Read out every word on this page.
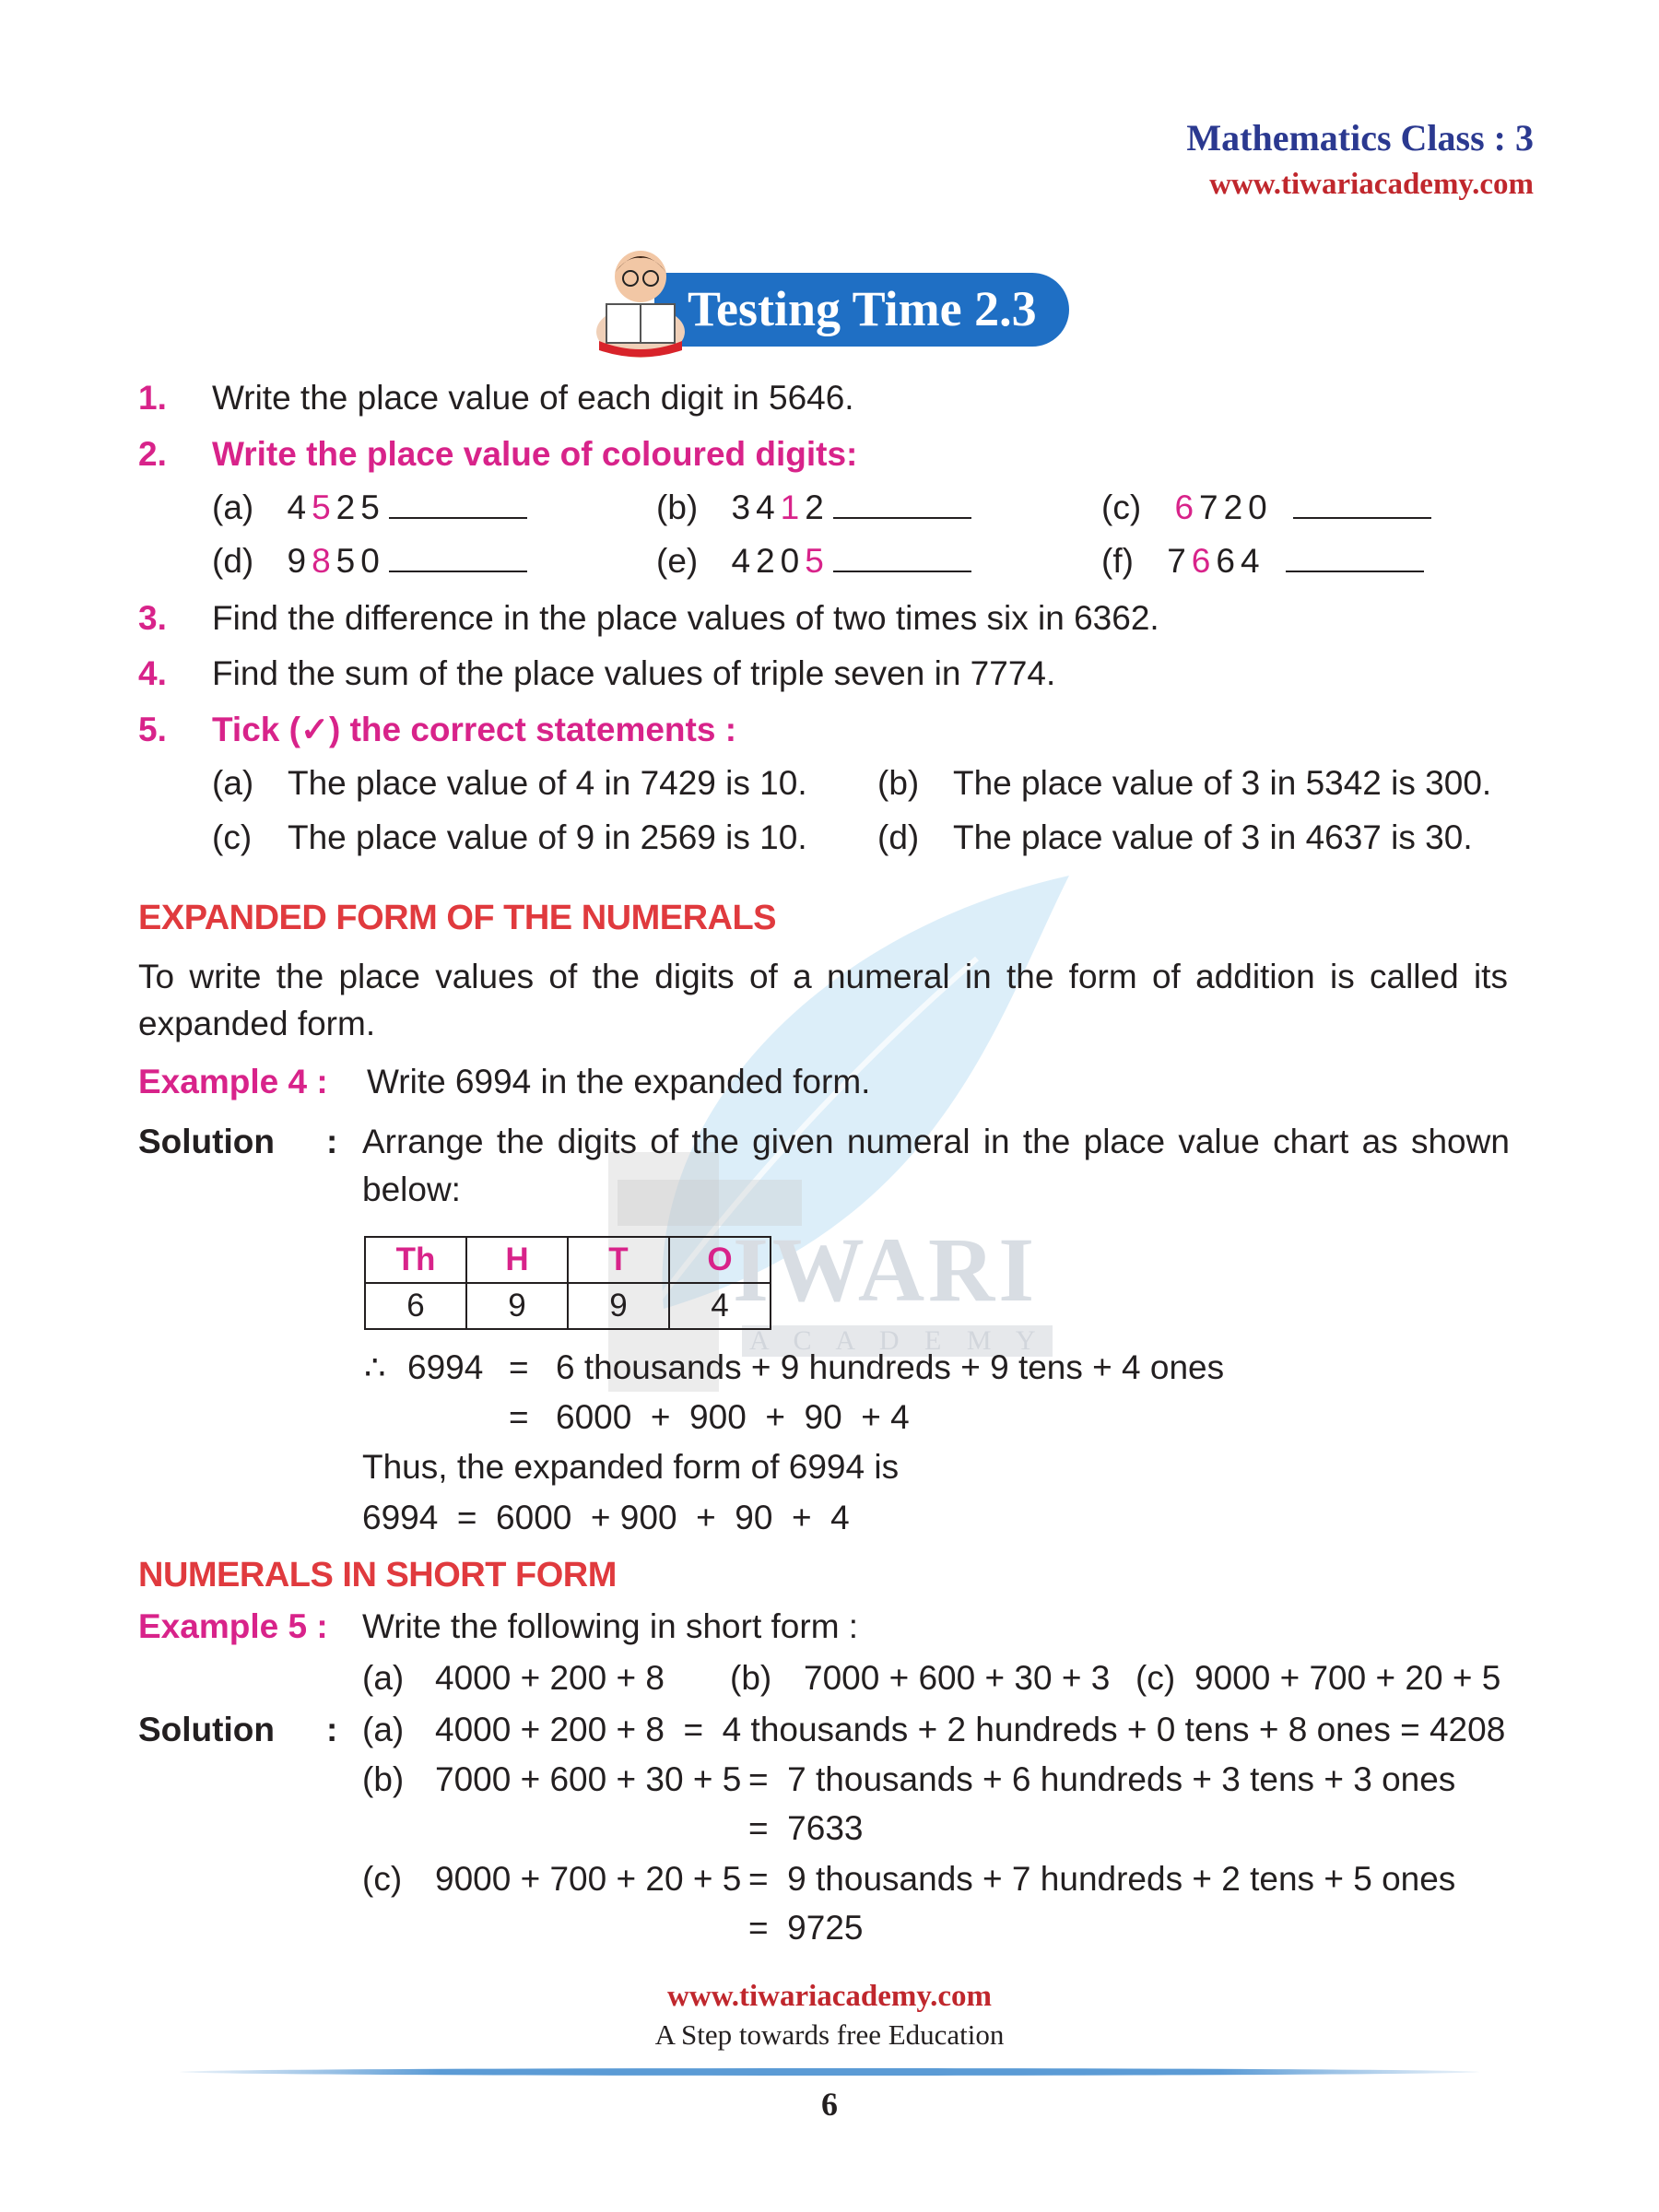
IWARI
A C A D E M Y
Mathematics Class : 3
www.tiwariacademy.com
Testing Time 2.3
1. Write the place value of each digit in 5646.
2. Write the place value of coloured digits:
(a) 4525	(b) 3412	(c) 6720
(d) 9850	(e) 4205	(f) 7664
3. Find the difference in the place values of two times six in 6362.
4. Find the sum of the place values of triple seven in 7774.
5. Tick (✓) the correct statements :
(a) The place value of 4 in 7429 is 10. (b) The place value of 3 in 5342 is 300.
(c) The place value of 9 in 2569 is 10. (d) The place value of 3 in 4637 is 30.
EXPANDED FORM OF THE NUMERALS
To write the place values of the digits of a numeral in the form of addition is called its
expanded form.
Example 4 : Write 6994 in the expanded form.
Solution : Arrange the digits of the given numeral in the place value chart as shown
below:
Th	H	T	O
6	9	9	4
∴ 6994 = 6 thousands + 9 hundreds + 9 tens + 4 ones
= 6000  +  900  +  90  + 4
Thus, the expanded form of 6994 is
6994  =  6000  + 900  +  90  +  4
NUMERALS IN SHORT FORM
Example 5 : Write the following in short form :
(a) 4000 + 200 + 8 (b) 7000 + 600 + 30 + 3 (c) 9000 + 700 + 20 + 5
Solution : (a) 4000 + 200 + 8  =  4 thousands + 2 hundreds + 0 tens + 8 ones = 4208
(b) 7000 + 600 + 30 + 5 =  7 thousands + 6 hundreds + 3 tens + 3 ones
=  7633
(c) 9000 + 700 + 20 + 5 =  9 thousands + 7 hundreds + 2 tens + 5 ones
=  9725
www.tiwariacademy.com
A Step towards free Education
6
